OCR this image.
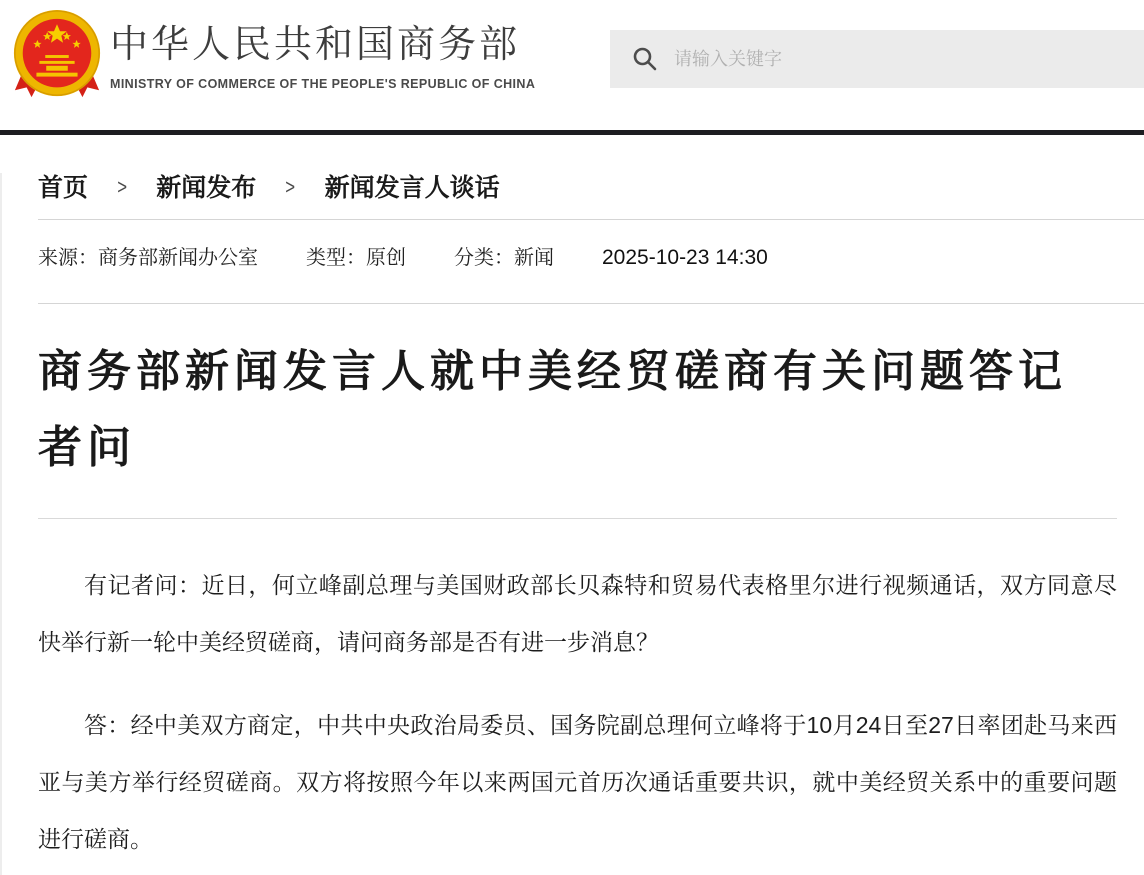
中华人民共和国商务部
MINISTRY OF COMMERCE OF THE PEOPLE'S REPUBLIC OF CHINA
请输入关键字
首页 > 新闻发布 > 新闻发言人谈话
来源：商务部新闻办公室 类型：原创 分类：新闻 2025-10-23 14:30
商务部新闻发言人就中美经贸磋商有关问题答记者问

有记者问：近日，何立峰副总理与美国财政部长贝森特和贸易代表格里尔进行视频通话，双方同意尽快举行新一轮中美经贸磋商，请问商务部是否有进一步消息？

答：经中美双方商定，中共中央政治局委员、国务院副总理何立峰将于10月24日至27日率团赴马来西亚与美方举行经贸磋商。双方将按照今年以来两国元首历次通话重要共识，就中美经贸关系中的重要问题进行磋商。
